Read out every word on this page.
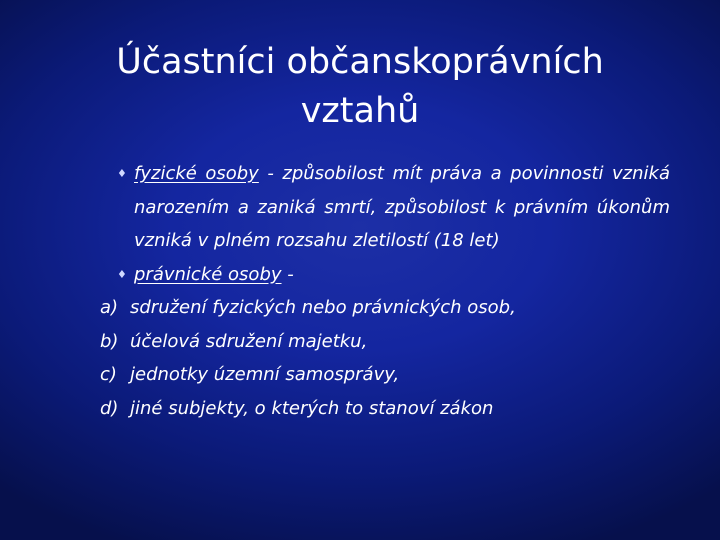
Účastníci občanskoprávních vztahů
♦ fyzické osoby - způsobilost mít práva a povinnosti vzniká narozením a zaniká smrtí, způsobilost k právním úkonům vzniká v plném rozsahu zletilostí (18 let)
♦ právnické osoby -
a) sdružení fyzických nebo právnických osob,
b) účelová sdružení majetku,
c) jednotky územní samosprávy,
d) jiné subjekty, o kterých to stanoví zákon
